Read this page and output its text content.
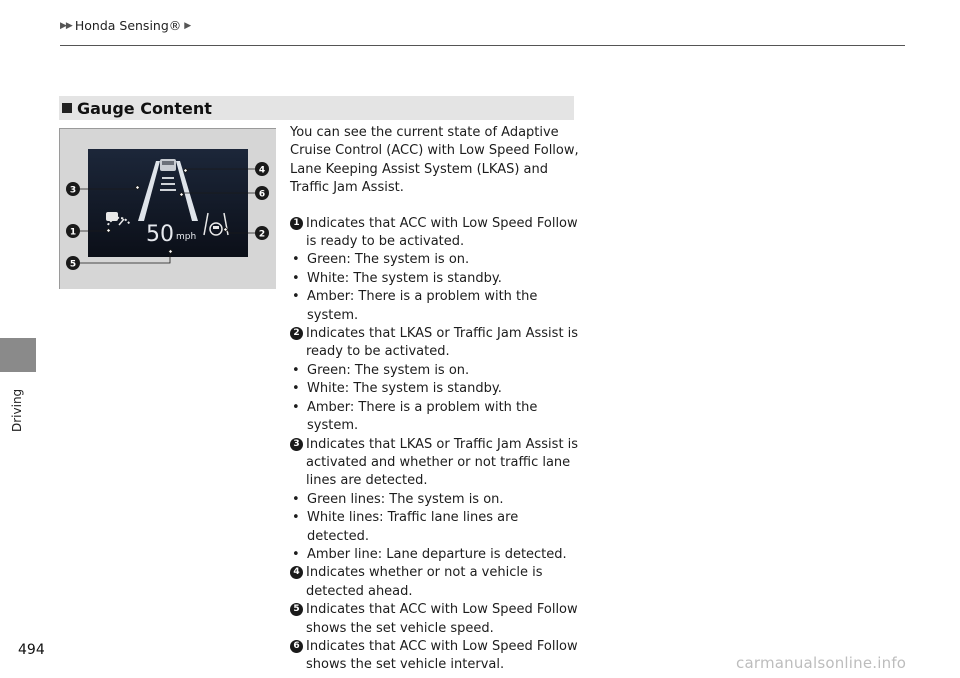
▶▶ Honda Sensing® ▶
Driving
Gauge Content
50 mph
3
1
5
4
6
2

You can see the current state of Adaptive Cruise Control (ACC) with Low Speed Follow, Lane Keeping Assist System (LKAS) and Traffic Jam Assist.

1 Indicates that ACC with Low Speed Follow is ready to be activated.
• Green: The system is on.
• White: The system is standby.
• Amber: There is a problem with the system.
2 Indicates that LKAS or Traffic Jam Assist is ready to be activated.
• Green: The system is on.
• White: The system is standby.
• Amber: There is a problem with the system.
3 Indicates that LKAS or Traffic Jam Assist is activated and whether or not traffic lane lines are detected.
• Green lines: The system is on.
• White lines: Traffic lane lines are detected.
• Amber line: Lane departure is detected.
4 Indicates whether or not a vehicle is detected ahead.
5 Indicates that ACC with Low Speed Follow shows the set vehicle speed.
6 Indicates that ACC with Low Speed Follow shows the set vehicle interval.
494
carmanualsonline.info
